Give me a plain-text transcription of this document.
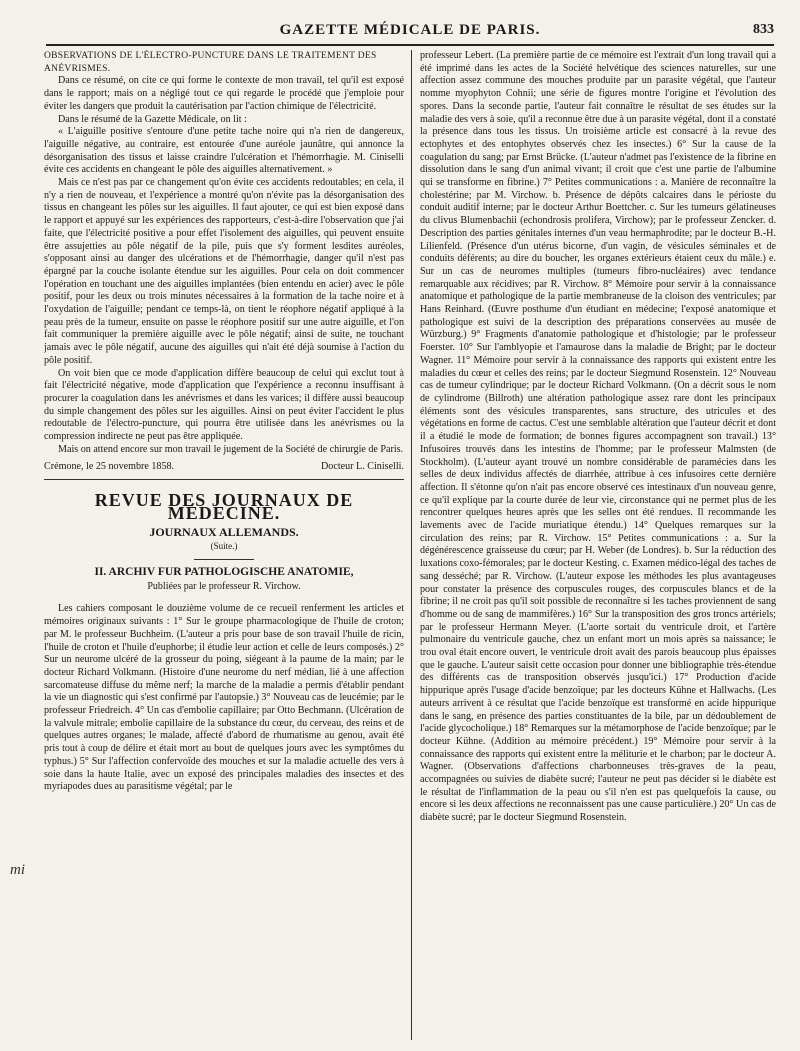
GAZETTE MÉDICALE DE PARIS.	833

OBSERVATIONS DE L'ÉLECTRO-PUNCTURE DANS LE TRAITEMENT DES ANÉVRISMES.

Dans ce résumé, on cite ce qui forme le contexte de mon travail, tel qu'il est exposé dans le rapport; mais on a négligé tout ce qui regarde le procédé que j'emploie pour éviter les dangers que produit la cautérisation par l'action chimique de l'électricité.

Dans le résumé de la Gazette Médicale, on lit :

« L'aiguille positive s'entoure d'une petite tache noire qui n'a rien de dangereux, l'aiguille négative, au contraire, est entourée d'une auréole jaunâtre, qui annonce la désorganisation des tissus et laisse craindre l'ulcération et l'hémorrhagie. M. Ciniselli évite ces accidents en changeant le pôle des aiguilles alternativement. »

Mais ce n'est pas par ce changement qu'on évite ces accidents redoutables; en cela, il n'y a rien de nouveau, et l'expérience a montré qu'on n'évite pas la désorganisation des tissus en changeant les pôles sur les aiguilles. Il faut ajouter, ce qui est bien exposé dans le rapport et appuyé sur les expériences des rapporteurs, c'est-à-dire l'observation que j'ai faite, que l'électricité positive a pour effet l'isolement des aiguilles, qui peuvent ensuite être assujetties au pôle négatif de la pile, puis que s'y forment lesdites auréoles, s'opposant ainsi au danger des ulcérations et de l'hémorrhagie, danger qu'il n'est pas épargné par la couche isolante étendue sur les aiguilles. Pour cela on doit commencer l'opération en touchant une des aiguilles implantées (bien entendu en acier) avec le pôle positif, pour les deux ou trois minutes nécessaires à la formation de la tache noire et à l'oxydation de l'aiguille; pendant ce temps-là, on tient le réophore négatif appliqué à la peau près de la tumeur, ensuite on passe le réophore positif sur une autre aiguille, et l'on fait communiquer la première aiguille avec le pôle négatif; ainsi de suite, ne touchant jamais avec le pôle négatif, aucune des aiguilles qui n'ait été déjà soumise à l'action du pôle positif.

On voit bien que ce mode d'application diffère beaucoup de celui qui exclut tout à fait l'électricité négative, mode d'application que l'expérience a reconnu insuffisant à procurer la coagulation dans les anévrismes et dans les varices; il diffère aussi beaucoup du simple changement des pôles sur les aiguilles. Ainsi on peut éviter l'accident le plus redoutable de l'électro-puncture, qui pourra être utilisée dans les anévrismes ou la compression indirecte ne peut pas être appliquée.

Mais on attend encore sur mon travail le jugement de la Société de chirurgie de Paris.

Crémone, le 25 novembre 1858.	Docteur L. Ciniselli.

REVUE DES JOURNAUX DE MÉDECINE.

JOURNAUX ALLEMANDS.

(Suite.)

II. ARCHIV FUR PATHOLOGISCHE ANATOMIE,

Publiées par le professeur R. Virchow.

Les cahiers composant le douzième volume de ce recueil renferment les articles et mémoires originaux suivants : 1° Sur le groupe pharmacologique de l'huile de croton; par M. le professeur Buchheim. (L'auteur a pris pour base de son travail l'huile de ricin, l'huile de croton et l'huile d'euphorbe; il étudie leur action et celle de leurs composés.) 2° Sur un neurome ulcéré de la grosseur du poing, siégeant à la paume de la main; par le docteur Richard Volkmann. (Histoire d'une neurome du nerf médian, lié à une affection sarcomateuse diffuse du même nerf; la marche de la maladie a permis d'établir pendant la vie un diagnostic qui s'est confirmé par l'autopsie.) 3° Nouveau cas de leucémie; par le professeur Friedreich. 4° Un cas d'embolie capillaire; par Otto Bechmann. (Ulcération de la valvule mitrale; embolie capillaire de la substance du cœur, du cerveau, des reins et de quelques autres organes; le malade, affecté d'abord de rhumatisme au genou, avait été pris tout à coup de délire et était mort au bout de quelques jours avec les symptômes du typhus.) 5° Sur l'affection confervoïde des mouches et sur la maladie actuelle des vers à soie dans la haute Italie, avec un exposé des principales maladies des insectes et des myriapodes dues au parasitisme végétal; par le

professeur Lebert. (La première partie de ce mémoire est l'extrait d'un long travail qui a été imprimé dans les actes de la Société helvétique des sciences naturelles, sur une affection assez commune des mouches produite par un parasite végétal, que l'auteur nomme myophyton Cohnii; une série de figures montre l'origine et l'évolution des spores. Dans la seconde partie, l'auteur fait connaître le résultat de ses études sur la maladie des vers à soie, qu'il a reconnue être due à un parasite végétal, dont il a constaté la présence dans tous les tissus. Un troisième article est consacré à la revue des ectophytes et des entophytes observés chez les insectes.) 6° Sur la cause de la coagulation du sang; par Ernst Brücke. (L'auteur n'admet pas l'existence de la fibrine en dissolution dans le sang d'un animal vivant; il croit que c'est une partie de l'albumine qui se transforme en fibrine.) 7° Petites communications : a. Manière de reconnaître la cholestérine; par M. Virchow. b. Présence de dépôts calcaires dans le périoste du conduit auditif interne; par le docteur Arthur Boettcher. c. Sur les tumeurs gélatineuses du clivus Blumenbachii (echondrosis prolifera, Virchow); par le professeur Zencker. d. Description des parties génitales internes d'un veau hermaphrodite; par le docteur B.-H. Lilienfeld. (Présence d'un utérus bicorne, d'un vagin, de vésicules séminales et de conduits déférents; au dire du boucher, les organes extérieurs étaient ceux du mâle.) e. Sur un cas de neuromes multiples (tumeurs fibro-nucléaires) avec tendance remarquable aux récidives; par R. Virchow. 8° Mémoire pour servir à la connaissance anatomique et pathologique de la partie membraneuse de la cloison des ventricules; par Hans Reinhard. (Œuvre posthume d'un étudiant en médecine; l'exposé anatomique et pathologique est suivi de la description des préparations conservées au musée de Würzburg.) 9° Fragments d'anatomie pathologique et d'histologie; par le professeur Foerster. 10° Sur l'amblyopie et l'amaurose dans la maladie de Bright; par le docteur Wagner. 11° Mémoire pour servir à la connaissance des rapports qui existent entre les maladies du cœur et celles des reins; par le docteur Siegmund Rosenstein. 12° Nouveau cas de tumeur cylindrique; par le docteur Richard Volkmann. (On a décrit sous le nom de cylindrome (Billroth) une altération pathologique assez rare dont les principaux éléments sont des vésicules transparentes, sans structure, des utricules et des végétations en forme de cactus. C'est une semblable altération que l'auteur décrit et dont il a étudié le mode de formation; de bonnes figures accompagnent son travail.) 13° Infusoires trouvés dans les intestins de l'homme; par le professeur Malmsten (de Stockholm). (L'auteur ayant trouvé un nombre considérable de paramécies dans les selles de deux individus affectés de diarrhée, attribue à ces infusoires cette dernière affection. Il s'étonne qu'on n'ait pas encore observé ces intestinaux d'un nouveau genre, ce qu'il explique par la courte durée de leur vie, circonstance qui ne permet plus de les rencontrer quelques heures après que les selles ont été rendues. Il recommande les lavements avec de l'acide muriatique étendu.) 14° Quelques remarques sur la circulation des reins; par R. Virchow. 15° Petites communications : a. Sur la dégénérescence graisseuse du cœur; par H. Weber (de Londres). b. Sur la réduction des luxations coxo-fémorales; par le docteur Kesting. c. Examen médico-légal des taches de sang desséché; par R. Virchow. (L'auteur expose les méthodes les plus avantageuses pour constater la présence des corpuscules rouges, des corpuscules blancs et de la fibrine; il ne croit pas qu'il soit possible de reconnaître si les taches proviennent de sang d'homme ou de sang de mammifères.) 16° Sur la transposition des gros troncs artériels; par le professeur Hermann Meyer. (L'aorte sortait du ventricule droit, et l'artère pulmonaire du ventricule gauche, chez un enfant mort un mois après sa naissance; le trou oval était encore ouvert, le ventricule droit avait des parois beaucoup plus épaisses que le gauche. L'auteur saisit cette occasion pour donner une bibliographie très-étendue des différents cas de transposition observés jusqu'ici.) 17° Production d'acide hippurique après l'usage d'acide benzoïque; par les docteurs Kühne et Hallwachs. (Les auteurs arrivent à ce résultat que l'acide benzoïque est transformé en acide hippurique dans le sang, en présence des parties constituantes de la bile, par un dédoublement de l'acide glycocholique.) 18° Remarques sur la métamorphose de l'acide benzoïque; par le docteur Kühne. (Addition au mémoire précédent.) 19° Mémoire pour servir à la connaissance des rapports qui existent entre la méliturie et le charbon; par le docteur A. Wagner. (Observations d'affections charbonneuses très-graves de la peau, accompagnées ou suivies de diabète sucré; l'auteur ne peut pas décider si le diabète est le résultat de l'inflammation de la peau ou s'il n'en est pas quelquefois la cause, ou encore si les deux affections ne reconnaissent pas une cause particulière.) 20° Un cas de diabète sucré; par le docteur Siegmund Rosenstein.

mi
